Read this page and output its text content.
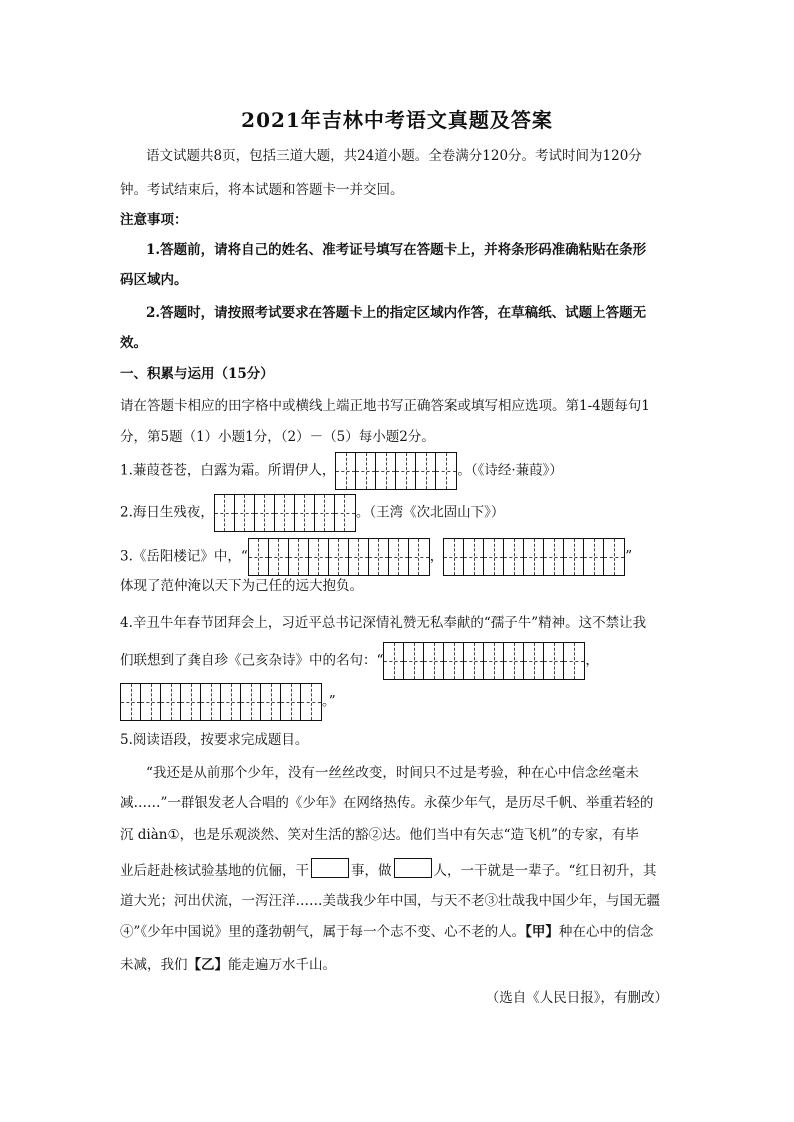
2021年吉林中考语文真题及答案
语文试题共8页，包括三道大题，共24道小题。全卷满分120分。考试时间为120分
钟。考试结束后，将本试题和答题卡一并交回。
注意事项：
1.答题前，请将自己的姓名、准考证号填写在答题卡上，并将条形码准确粘贴在条形
码区域内。
2.答题时，请按照考试要求在答题卡上的指定区域内作答，在草稿纸、试题上答题无
效。
一、积累与运用（15分）
请在答题卡相应的田字格中或横线上端正地书写正确答案或填写相应选项。第1-4题每句1
分，第5题（1）小题1分，（2）－（5）每小题2分。
1.蒹葭苍苍，白露为霜。所谓伊人，	。（《诗经·蒹葭》）
2.海日生残夜，	。（王湾《次北固山下》）
3.《岳阳楼记》中，“	，	”
体现了范仲淹以天下为己任的远大抱负。
4.辛丑牛年春节团拜会上，习近平总书记深情礼赞无私奉献的“孺子牛”精神。这不禁让我
们联想到了龚自珍《己亥杂诗》中的名句：“	，
。”
5.阅读语段，按要求完成题目。
“我还是从前那个少年，没有一丝丝改变，时间只不过是考验，种在心中信念丝毫未
减……”一群银发老人合唱的《少年》在网络热传。永葆少年气，是历尽千帆、举重若轻的
沉 diàn①，也是乐观淡然、笑对生活的豁②达。他们当中有矢志“造飞机”的专家，有毕
业后赶赴核试验基地的伉俪，干	事，做	人，一干就是一辈子。“红日初升，其
道大光；河出伏流，一泻汪洋……美哉我少年中国，与天不老③壮哉我中国少年，与国无疆
④”《少年中国说》里的蓬勃朝气，属于每一个志不变、心不老的人。【甲】种在心中的信念
未减，我们【乙】能走遍万水千山。
（选自《人民日报》，有删改）
